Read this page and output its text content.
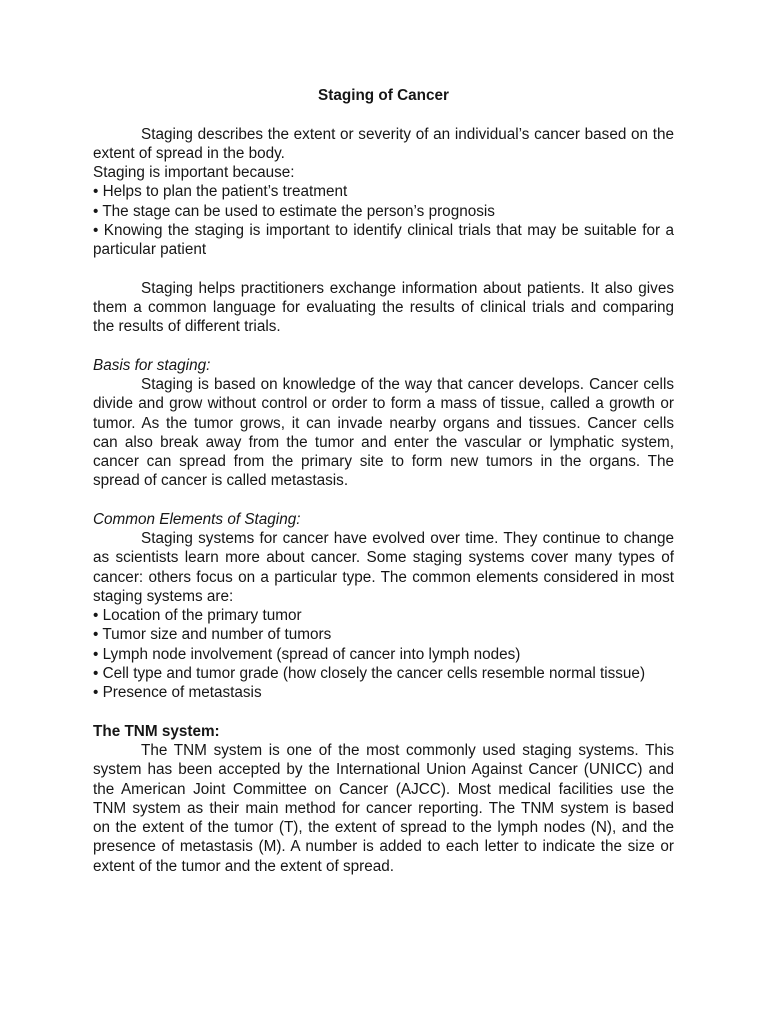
Staging of Cancer
Staging describes the extent or severity of an individual’s cancer based on the
extent of spread in the body.
Staging is important because:
• Helps to plan the patient’s treatment
• The stage can be used to estimate the person’s prognosis
• Knowing the staging is important to identify clinical trials that may be suitable for a
particular patient
Staging helps practitioners exchange information about patients. It also gives
them a common language for evaluating the results of clinical trials and comparing
the results of different trials.
Basis for staging:
Staging is based on knowledge of the way that cancer develops. Cancer cells
divide and grow without control or order to form a mass of tissue, called a growth or
tumor. As the tumor grows, it can invade nearby organs and tissues. Cancer cells
can also break away from the tumor and enter the vascular or lymphatic system,
cancer can spread from the primary site to form new tumors in the organs. The
spread of cancer is called metastasis.
Common Elements of Staging:
Staging systems for cancer have evolved over time. They continue to change
as scientists learn more about cancer. Some staging systems cover many types of
cancer: others focus on a particular type. The common elements considered in most
staging systems are:
• Location of the primary tumor
• Tumor size and number of tumors
• Lymph node involvement (spread of cancer into lymph nodes)
• Cell type and tumor grade (how closely the cancer cells resemble normal tissue)
• Presence of metastasis
The TNM system:
The TNM system is one of the most commonly used staging systems. This
system has been accepted by the International Union Against Cancer (UNICC) and
the American Joint Committee on Cancer (AJCC). Most medical facilities use the
TNM system as their main method for cancer reporting. The TNM system is based
on the extent of the tumor (T), the extent of spread to the lymph nodes (N), and the
presence of metastasis (M). A number is added to each letter to indicate the size or
extent of the tumor and the extent of spread.
